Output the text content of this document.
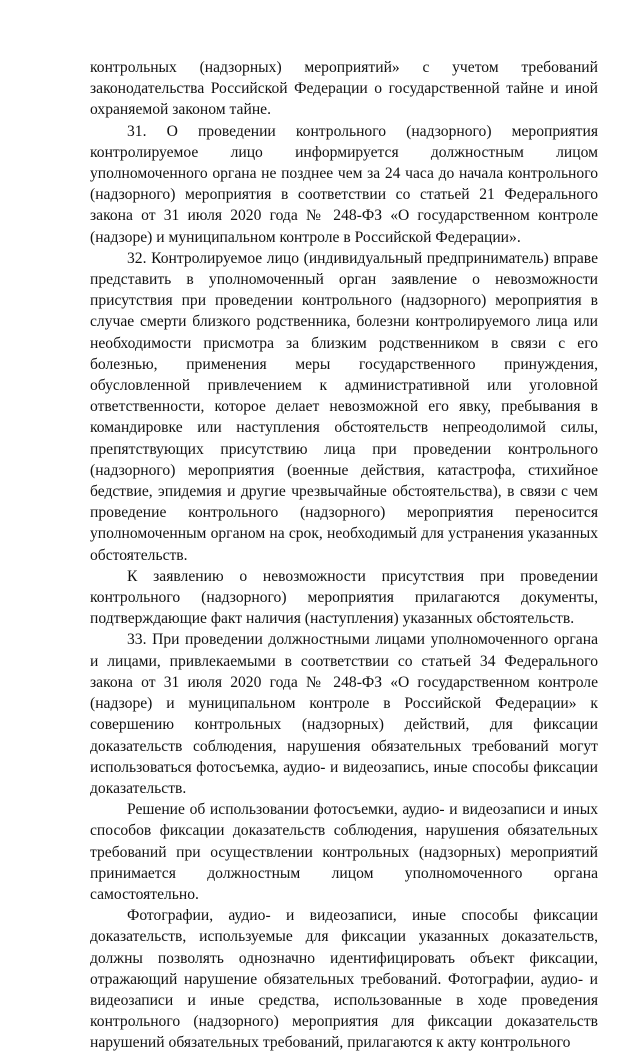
контрольных (надзорных) мероприятий» с учетом требований законодательства Российской Федерации о государственной тайне и иной охраняемой законом тайне.

31. О проведении контрольного (надзорного) мероприятия контролируемое лицо информируется должностным лицом уполномоченного органа не позднее чем за 24 часа до начала контрольного (надзорного) мероприятия в соответствии со статьей 21 Федерального закона от 31 июля 2020 года № 248-ФЗ «О государственном контроле (надзоре) и муниципальном контроле в Российской Федерации».

32. Контролируемое лицо (индивидуальный предприниматель) вправе представить в уполномоченный орган заявление о невозможности присутствия при проведении контрольного (надзорного) мероприятия в случае смерти близкого родственника, болезни контролируемого лица или необходимости присмотра за близким родственником в связи с его болезнью, применения меры государственного принуждения, обусловленной привлечением к административной или уголовной ответственности, которое делает невозможной его явку, пребывания в командировке или наступления обстоятельств непреодолимой силы, препятствующих присутствию лица при проведении контрольного (надзорного) мероприятия (военные действия, катастрофа, стихийное бедствие, эпидемия и другие чрезвычайные обстоятельства), в связи с чем проведение контрольного (надзорного) мероприятия переносится уполномоченным органом на срок, необходимый для устранения указанных обстоятельств.

К заявлению о невозможности присутствия при проведении контрольного (надзорного) мероприятия прилагаются документы, подтверждающие факт наличия (наступления) указанных обстоятельств.

33. При проведении должностными лицами уполномоченного органа и лицами, привлекаемыми в соответствии со статьей 34 Федерального закона от 31 июля 2020 года № 248-ФЗ «О государственном контроле (надзоре) и муниципальном контроле в Российской Федерации» к совершению контрольных (надзорных) действий, для фиксации доказательств соблюдения, нарушения обязательных требований могут использоваться фотосъемка, аудио- и видеозапись, иные способы фиксации доказательств.

Решение об использовании фотосъемки, аудио- и видеозаписи и иных способов фиксации доказательств соблюдения, нарушения обязательных требований при осуществлении контрольных (надзорных) мероприятий принимается должностным лицом уполномоченного органа самостоятельно.

Фотографии, аудио- и видеозаписи, иные способы фиксации доказательств, используемые для фиксации указанных доказательств, должны позволять однозначно идентифицировать объект фиксации, отражающий нарушение обязательных требований. Фотографии, аудио- и видеозаписи и иные средства, использованные в ходе проведения контрольного (надзорного) мероприятия для фиксации доказательств нарушений обязательных требований, прилагаются к акту контрольного
